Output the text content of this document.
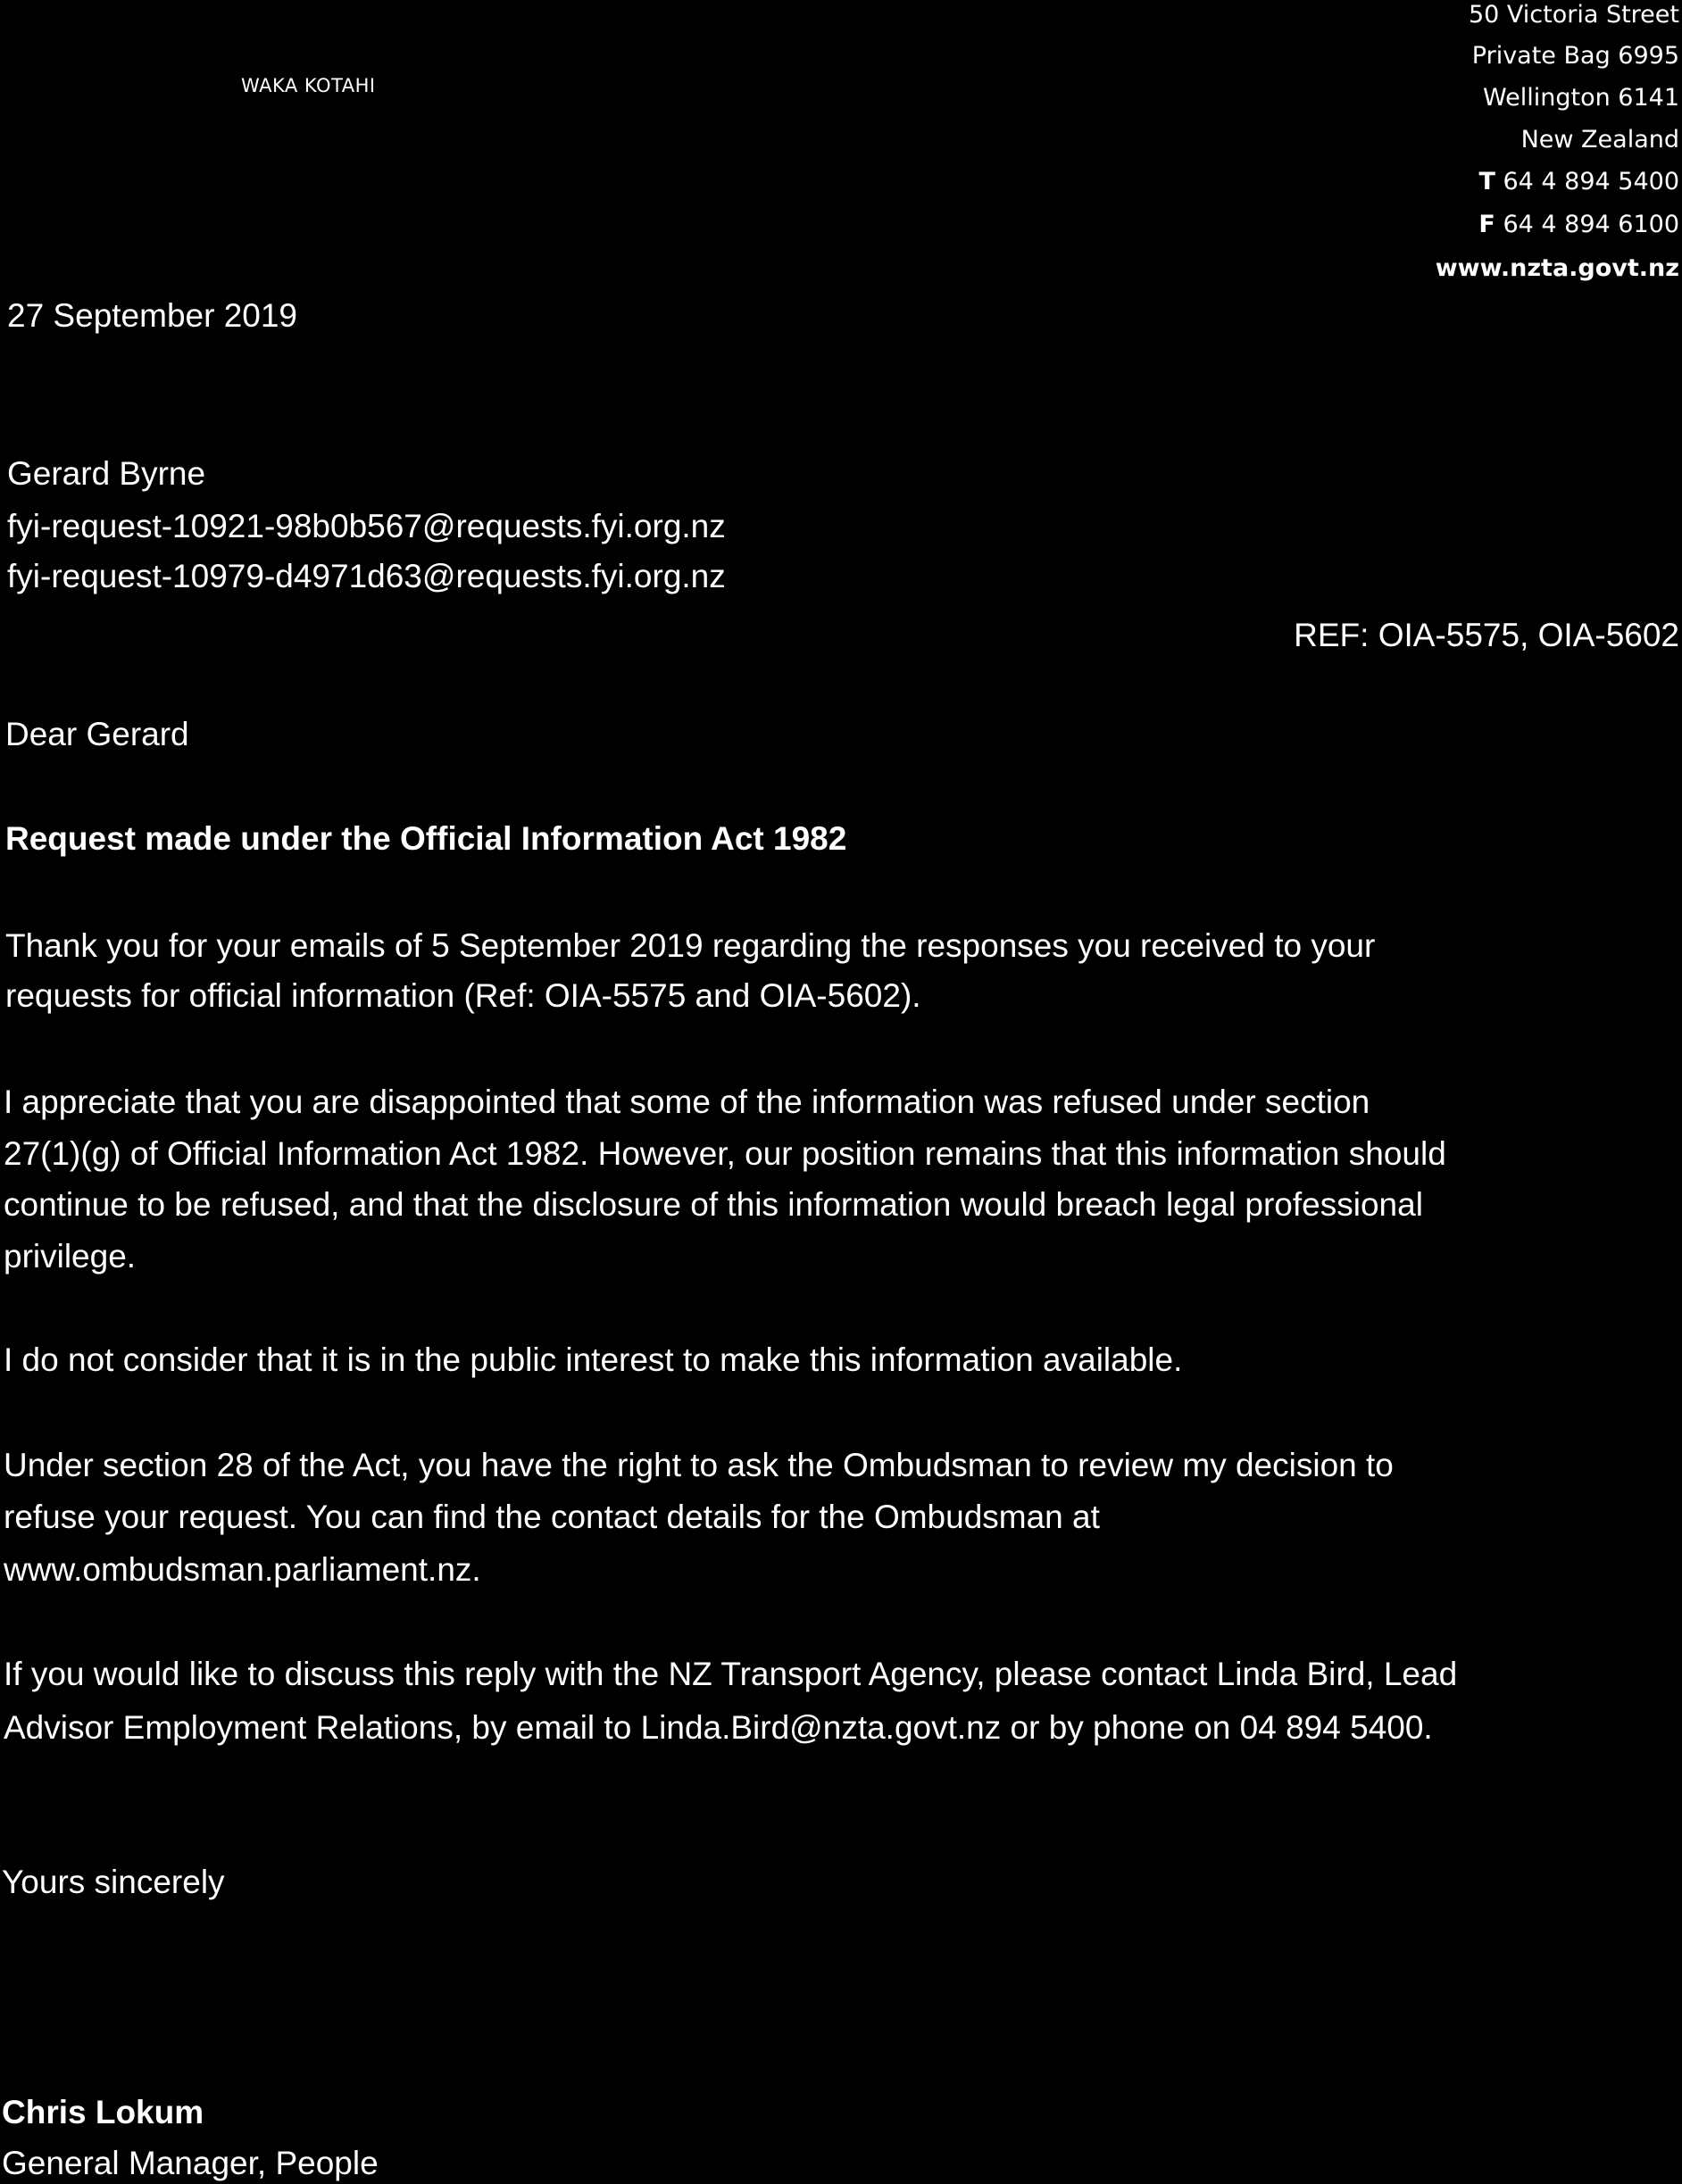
WAKA KOTAHI
50 Victoria Street
Private Bag 6995
Wellington 6141
New Zealand
T 64 4 894 5400
F 64 4 894 6100
www.nzta.govt.nz
27 September 2019
Gerard Byrne
fyi-request-10921-98b0b567@requests.fyi.org.nz
fyi-request-10979-d4971d63@requests.fyi.org.nz
REF: OIA-5575, OIA-5602
Dear Gerard
Request made under the Official Information Act 1982
Thank you for your emails of 5 September 2019 regarding the responses you received to your
requests for official information (Ref: OIA-5575 and OIA-5602).
I appreciate that you are disappointed that some of the information was refused under section
27(1)(g) of Official Information Act 1982. However, our position remains that this information should
continue to be refused, and that the disclosure of this information would breach legal professional
privilege.
I do not consider that it is in the public interest to make this information available.
Under section 28 of the Act, you have the right to ask the Ombudsman to review my decision to
refuse your request. You can find the contact details for the Ombudsman at
www.ombudsman.parliament.nz.
If you would like to discuss this reply with the NZ Transport Agency, please contact Linda Bird, Lead
Advisor Employment Relations, by email to Linda.Bird@nzta.govt.nz or by phone on 04 894 5400.
Yours sincerely
Chris Lokum
General Manager, People
